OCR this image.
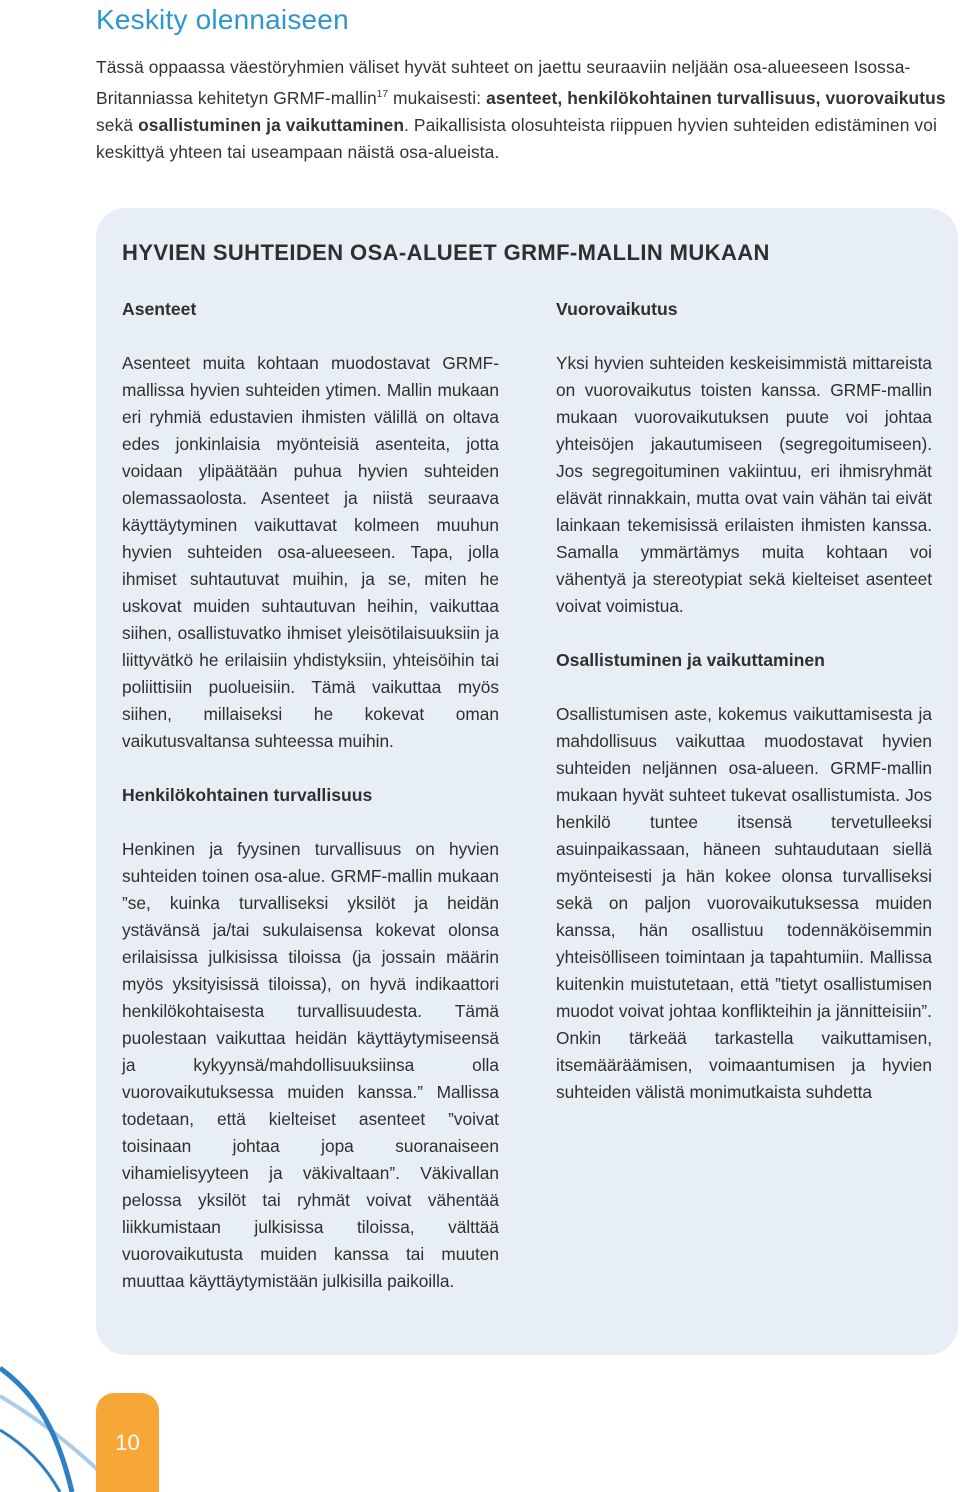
Keskity olennaiseen

Tässä oppaassa väestöryhmien väliset hyvät suhteet on jaettu seuraaviin neljään osa-alueeseen Isossa-Britanniassa kehitetyn GRMF-mallin$^{17}$ mukaisesti: asenteet, henkilökohtainen turvallisuus, vuorovaikutus sekä osallistuminen ja vaikuttaminen. Paikallisista olosuhteista riippuen hyvien suhteiden edistäminen voi keskittyä yhteen tai useampaan näistä osa-alueista.

HYVIEN SUHTEIDEN OSA-ALUEET GRMF-MALLIN MUKAAN
Asenteet

Asenteet muita kohtaan muodostavat GRMF-mallissa hyvien suhteiden ytimen. Mallin mukaan eri ryhmiä edustavien ihmisten välillä on oltava edes jonkinlaisia myönteisiä asenteita, jotta voidaan ylipäätään puhua hyvien suhteiden olemassaolosta. Asenteet ja niistä seuraava käyttäytyminen vaikuttavat kolmeen muuhun hyvien suhteiden osa-alueeseen. Tapa, jolla ihmiset suhtautuvat muihin, ja se, miten he uskovat muiden suhtautuvan heihin, vaikuttaa siihen, osallistuvatko ihmiset yleisötilaisuuksiin ja liittyvätkö he erilaisiin yhdistyksiin, yhteisöihin tai poliittisiin puolueisiin. Tämä vaikuttaa myös siihen, millaiseksi he kokevat oman vaikutusvaltansa suhteessa muihin.

Henkilökohtainen turvallisuus

Henkinen ja fyysinen turvallisuus on hyvien suhteiden toinen osa-alue. GRMF-mallin mukaan ”se, kuinka turvalliseksi yksilöt ja heidän ystävänsä ja/tai sukulaisensa kokevat olonsa erilaisissa julkisissa tiloissa (ja jossain määrin myös yksityisissä tiloissa), on hyvä indikaattori henkilökohtaisesta turvallisuudesta. Tämä puolestaan vaikuttaa heidän käyttäytymiseensä ja kykyynsä/mahdollisuuksiinsa olla vuorovaikutuksessa muiden kanssa.” Mallissa todetaan, että kielteiset asenteet ”voivat toisinaan johtaa jopa suoranaiseen vihamielisyyteen ja väkivaltaan”. Väkivallan pelossa yksilöt tai ryhmät voivat vähentää liikkumistaan julkisissa tiloissa, välttää vuorovaikutusta muiden kanssa tai muuten muuttaa käyttäytymistään julkisilla paikoilla.

Vuorovaikutus

Yksi hyvien suhteiden keskeisimmistä mittareista on vuorovaikutus toisten kanssa. GRMF-mallin mukaan vuorovaikutuksen puute voi johtaa yhteisöjen jakautumiseen (segregoitumiseen). Jos segregoituminen vakiintuu, eri ihmisryhmät elävät rinnakkain, mutta ovat vain vähän tai eivät lainkaan tekemisissä erilaisten ihmisten kanssa. Samalla ymmärtämys muita kohtaan voi vähentyä ja stereotypiat sekä kielteiset asenteet voivat voimistua.

Osallistuminen ja vaikuttaminen

Osallistumisen aste, kokemus vaikuttamisesta ja mahdollisuus vaikuttaa muodostavat hyvien suhteiden neljännen osa-alueen. GRMF-mallin mukaan hyvät suhteet tukevat osallistumista. Jos henkilö tuntee itsensä tervetulleeksi asuinpaikassaan, häneen suhtaudutaan siellä myönteisesti ja hän kokee olonsa turvalliseksi sekä on paljon vuorovaikutuksessa muiden kanssa, hän osallistuu todennäköisemmin yhteisölliseen toimintaan ja tapahtumiin. Mallissa kuitenkin muistutetaan, että ”tietyt osallistumisen muodot voivat johtaa konflikteihin ja jännitteisiin”. Onkin tärkeää tarkastella vaikuttamisen, itsemääräämisen, voimaantumisen ja hyvien suhteiden välistä monimutkaista suhdetta

10
